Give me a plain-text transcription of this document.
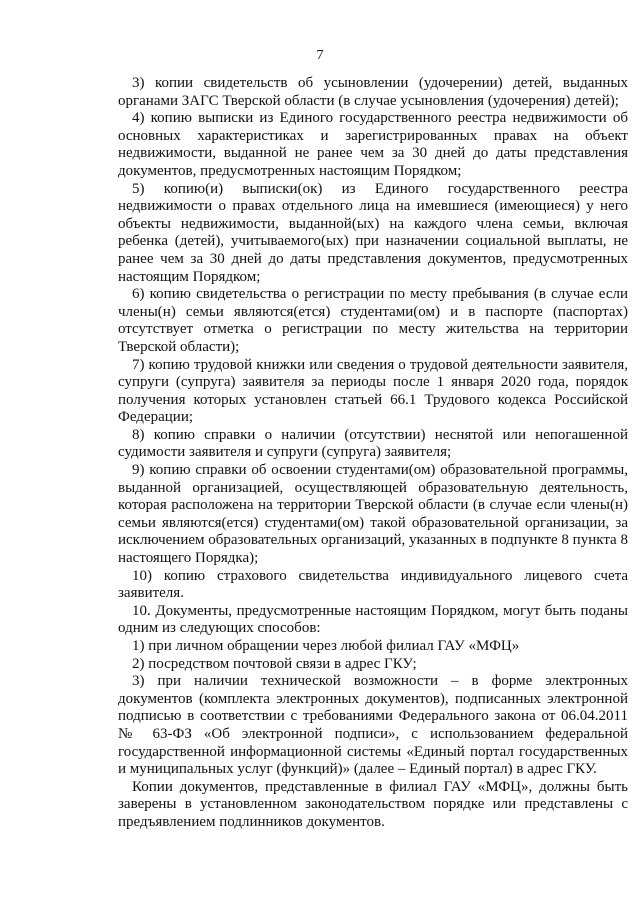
7

3) копии свидетельств об усыновлении (удочерении) детей, выданных органами ЗАГС Тверской области (в случае усыновления (удочерения) детей);

4) копию выписки из Единого государственного реестра недвижимости об основных характеристиках и зарегистрированных правах на объект недвижимости, выданной не ранее чем за 30 дней до даты представления документов, предусмотренных настоящим Порядком;

5) копию(и) выписки(ок) из Единого государственного реестра недвижимости о правах отдельного лица на имевшиеся (имеющиеся) у него объекты недвижимости, выданной(ых) на каждого члена семьи, включая ребенка (детей), учитываемого(ых) при назначении социальной выплаты, не ранее чем за 30 дней до даты представления документов, предусмотренных настоящим Порядком;

6) копию свидетельства о регистрации по месту пребывания (в случае если члены(н) семьи являются(ется) студентами(ом) и в паспорте (паспортах) отсутствует отметка о регистрации по месту жительства на территории Тверской области);

7) копию трудовой книжки или сведения о трудовой деятельности заявителя, супруги (супруга) заявителя за периоды после 1 января 2020 года, порядок получения которых установлен статьей 66.1 Трудового кодекса Российской Федерации;

8) копию справки о наличии (отсутствии) неснятой или непогашенной судимости заявителя и супруги (супруга) заявителя;

9) копию справки об освоении студентами(ом) образовательной программы, выданной организацией, осуществляющей образовательную деятельность, которая расположена на территории Тверской области (в случае если члены(н) семьи являются(ется) студентами(ом) такой образовательной организации, за исключением образовательных организаций, указанных в подпункте 8 пункта 8 настоящего Порядка);

10) копию страхового свидетельства индивидуального лицевого счета заявителя.

10. Документы, предусмотренные настоящим Порядком, могут быть поданы одним из следующих способов:

1) при личном обращении через любой филиал ГАУ «МФЦ»

2) посредством почтовой связи в адрес ГКУ;

3) при наличии технической возможности – в форме электронных документов (комплекта электронных документов), подписанных электронной подписью в соответствии с требованиями Федерального закона от 06.04.2011 № 63-ФЗ «Об электронной подписи», с использованием федеральной государственной информационной системы «Единый портал государственных и муниципальных услуг (функций)» (далее – Единый портал) в адрес ГКУ.

Копии документов, представленные в филиал ГАУ «МФЦ», должны быть заверены в установленном законодательством порядке или представлены с предъявлением подлинников документов.
